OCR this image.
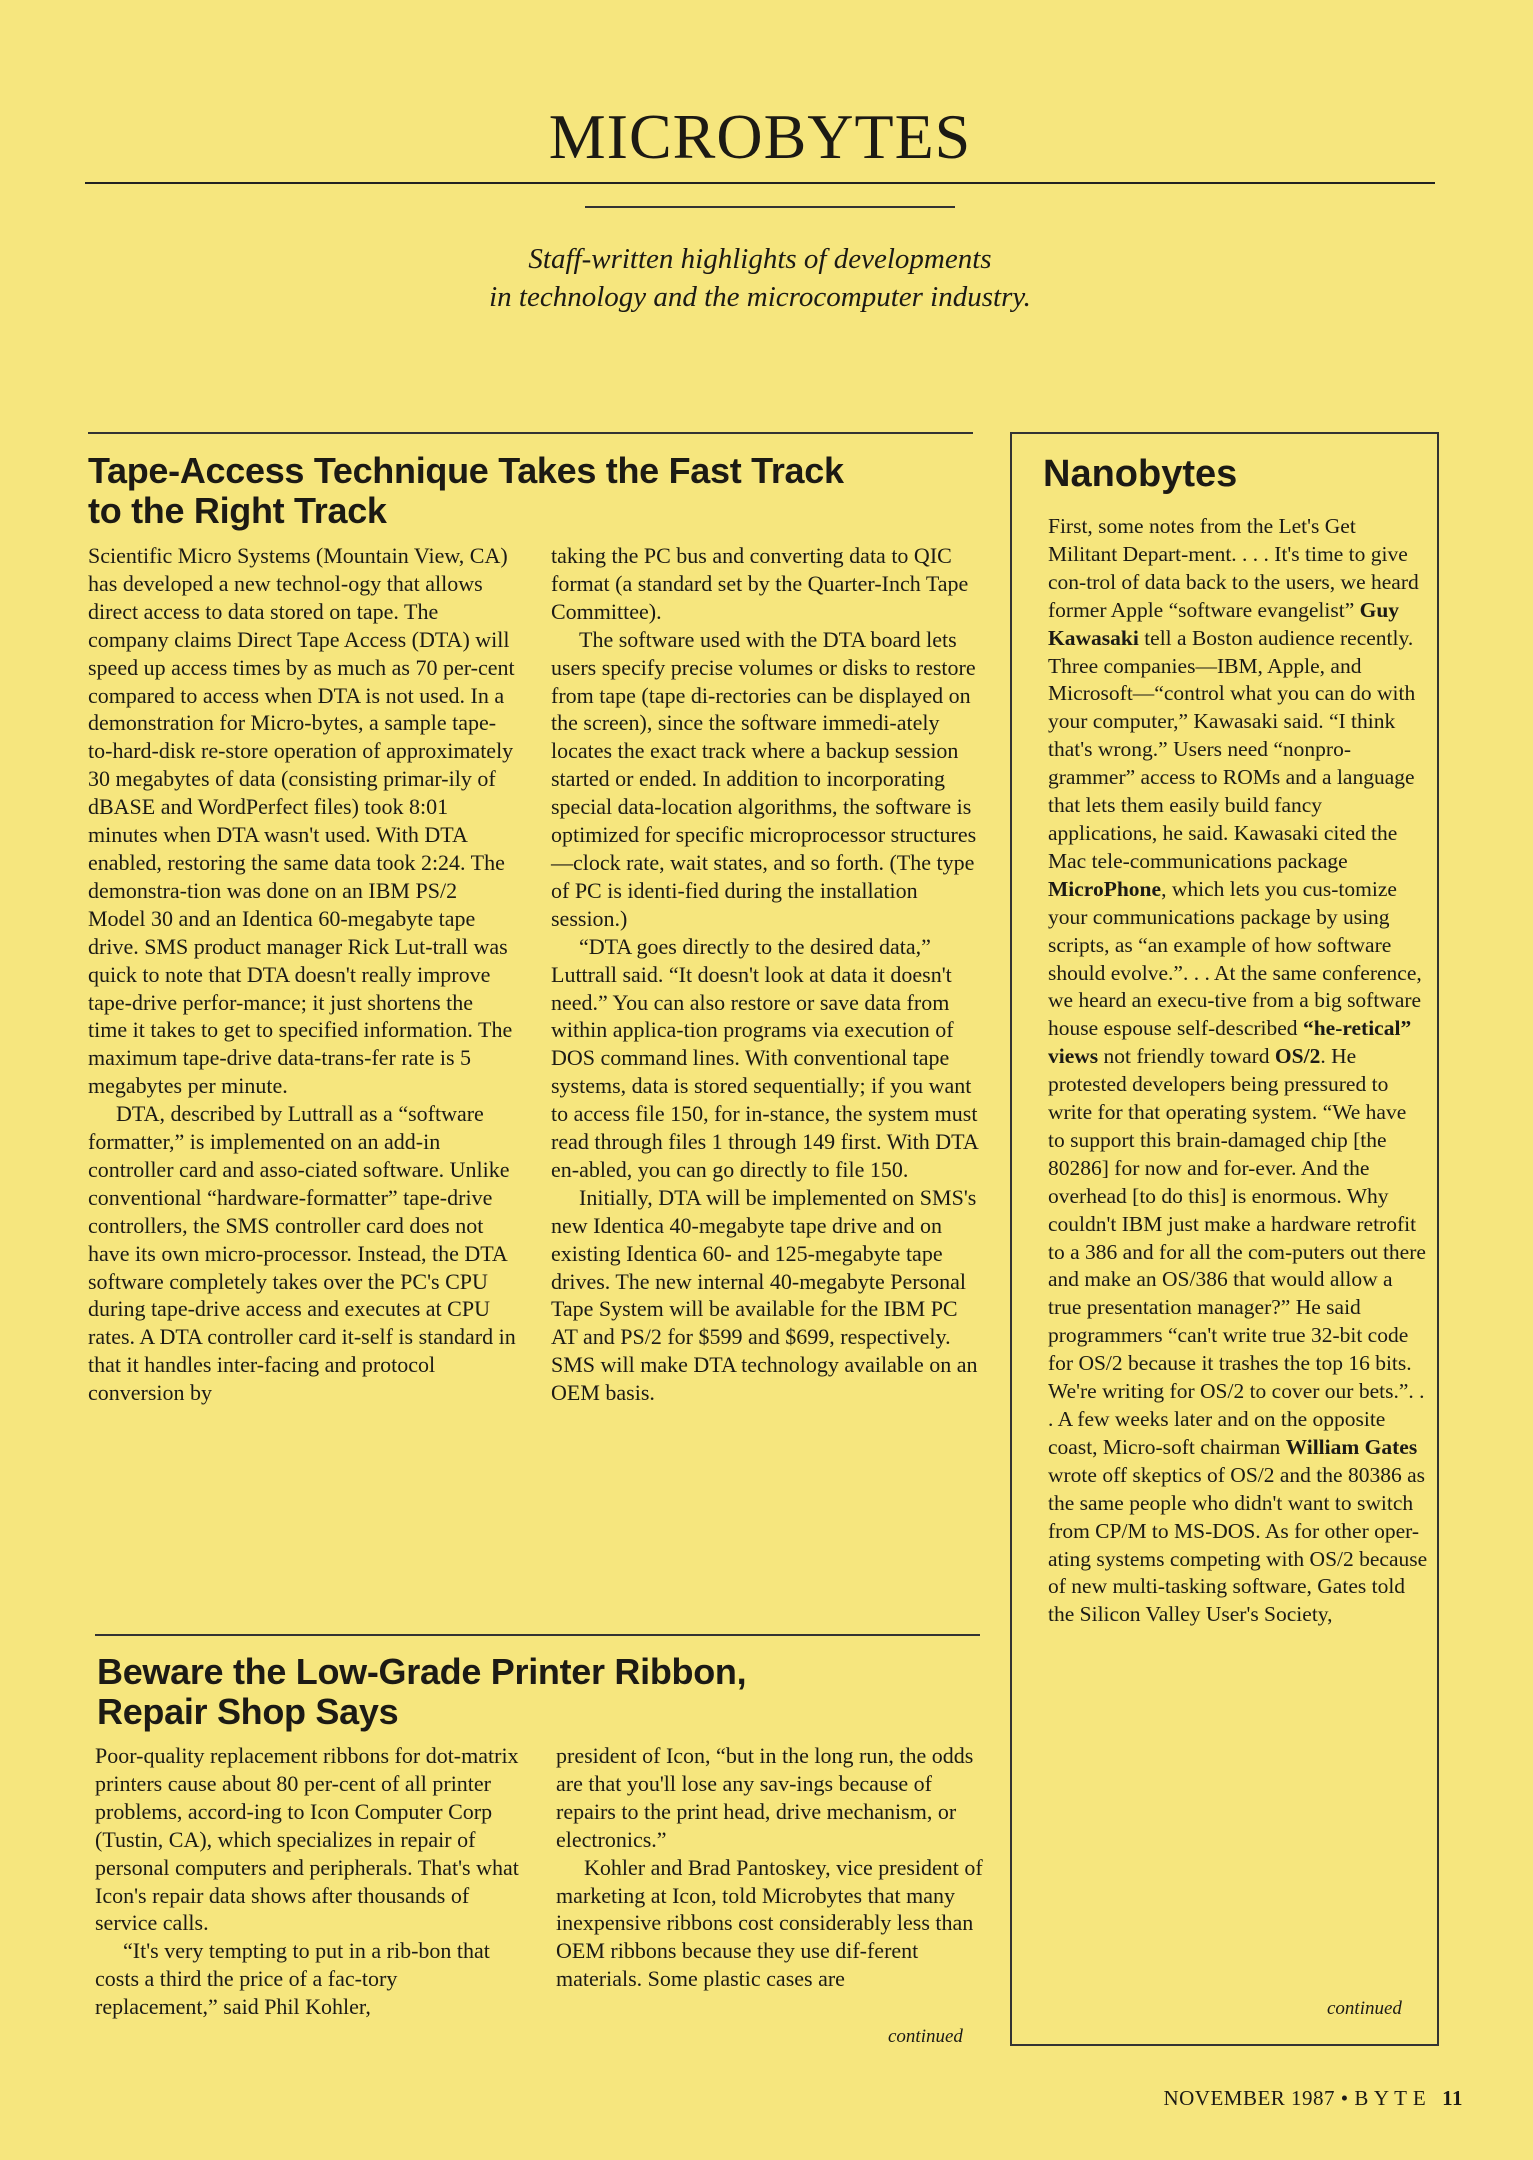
MICROBYTES

Staff-written highlights of developments
in technology and the microcomputer industry.

Tape-Access Technique Takes the Fast Track
to the Right Track

Scientific Micro Systems (Mountain View, CA) has developed a new technol-ogy that allows direct access to data stored on tape. The company claims Direct Tape Access (DTA) will speed up access times by as much as 70 per-cent compared to access when DTA is not used. In a demonstration for Micro-bytes, a sample tape-to-hard-disk re-store operation of approximately 30 megabytes of data (consisting primar-ily of dBASE and WordPerfect files) took 8:01 minutes when DTA wasn't used. With DTA enabled, restoring the same data took 2:24. The demonstra-tion was done on an IBM PS/2 Model 30 and an Identica 60-megabyte tape drive. SMS product manager Rick Lut-trall was quick to note that DTA doesn't really improve tape-drive perfor-mance; it just shortens the time it takes to get to specified information. The maximum tape-drive data-trans-fer rate is 5 megabytes per minute.

DTA, described by Luttrall as a “software formatter,” is implemented on an add-in controller card and asso-ciated software. Unlike conventional “hardware-formatter” tape-drive controllers, the SMS controller card does not have its own micro-processor. Instead, the DTA software completely takes over the PC's CPU during tape-drive access and executes at CPU rates. A DTA controller card it-self is standard in that it handles inter-facing and protocol conversion by

taking the PC bus and converting data to QIC format (a standard set by the Quarter-Inch Tape Committee).

The software used with the DTA board lets users specify precise volumes or disks to restore from tape (tape di-rectories can be displayed on the screen), since the software immedi-ately locates the exact track where a backup session started or ended. In addition to incorporating special data-location algorithms, the software is optimized for specific microprocessor structures—clock rate, wait states, and so forth. (The type of PC is identi-fied during the installation session.)

“DTA goes directly to the desired data,” Luttrall said. “It doesn't look at data it doesn't need.” You can also restore or save data from within applica-tion programs via execution of DOS command lines. With conventional tape systems, data is stored sequentially; if you want to access file 150, for in-stance, the system must read through files 1 through 149 first. With DTA en-abled, you can go directly to file 150.

Initially, DTA will be implemented on SMS's new Identica 40-megabyte tape drive and on existing Identica 60- and 125-megabyte tape drives. The new internal 40-megabyte Personal Tape System will be available for the IBM PC AT and PS/2 for $599 and $699, respectively. SMS will make DTA technology available on an OEM basis.

Beware the Low-Grade Printer Ribbon,
Repair Shop Says

Poor-quality replacement ribbons for dot-matrix printers cause about 80 per-cent of all printer problems, accord-ing to Icon Computer Corp (Tustin, CA), which specializes in repair of personal computers and peripherals. That's what Icon's repair data shows after thousands of service calls.

“It's very tempting to put in a rib-bon that costs a third the price of a fac-tory replacement,” said Phil Kohler,

president of Icon, “but in the long run, the odds are that you'll lose any sav-ings because of repairs to the print head, drive mechanism, or electronics.”

Kohler and Brad Pantoskey, vice president of marketing at Icon, told Microbytes that many inexpensive ribbons cost considerably less than OEM ribbons because they use dif-ferent materials. Some plastic cases are

continued

Nanobytes

First, some notes from the Let's Get Militant Depart-ment. . . . It's time to give con-trol of data back to the users, we heard former Apple “software evangelist” Guy Kawasaki tell a Boston audience recently. Three companies—IBM, Apple, and Microsoft—“control what you can do with your computer,” Kawasaki said. “I think that's wrong.” Users need “nonpro-grammer” access to ROMs and a language that lets them easily build fancy applications, he said. Kawasaki cited the Mac tele-communications package MicroPhone, which lets you cus-tomize your communications package by using scripts, as “an example of how software should evolve.”. . . At the same conference, we heard an execu-tive from a big software house espouse self-described “he-retical” views not friendly toward OS/2. He protested developers being pressured to write for that operating system. “We have to support this brain-damaged chip [the 80286] for now and for-ever. And the overhead [to do this] is enormous. Why couldn't IBM just make a hardware retrofit to a 386 and for all the com-puters out there and make an OS/386 that would allow a true presentation manager?” He said programmers “can't write true 32-bit code for OS/2 because it trashes the top 16 bits. We're writing for OS/2 to cover our bets.”. . . A few weeks later and on the opposite coast, Micro-soft chairman William Gates wrote off skeptics of OS/2 and the 80386 as the same people who didn't want to switch from CP/M to MS-DOS. As for other oper-ating systems competing with OS/2 because of new multi-tasking software, Gates told the Silicon Valley User's Society,

continued

NOVEMBER 1987 • B Y T E 11
